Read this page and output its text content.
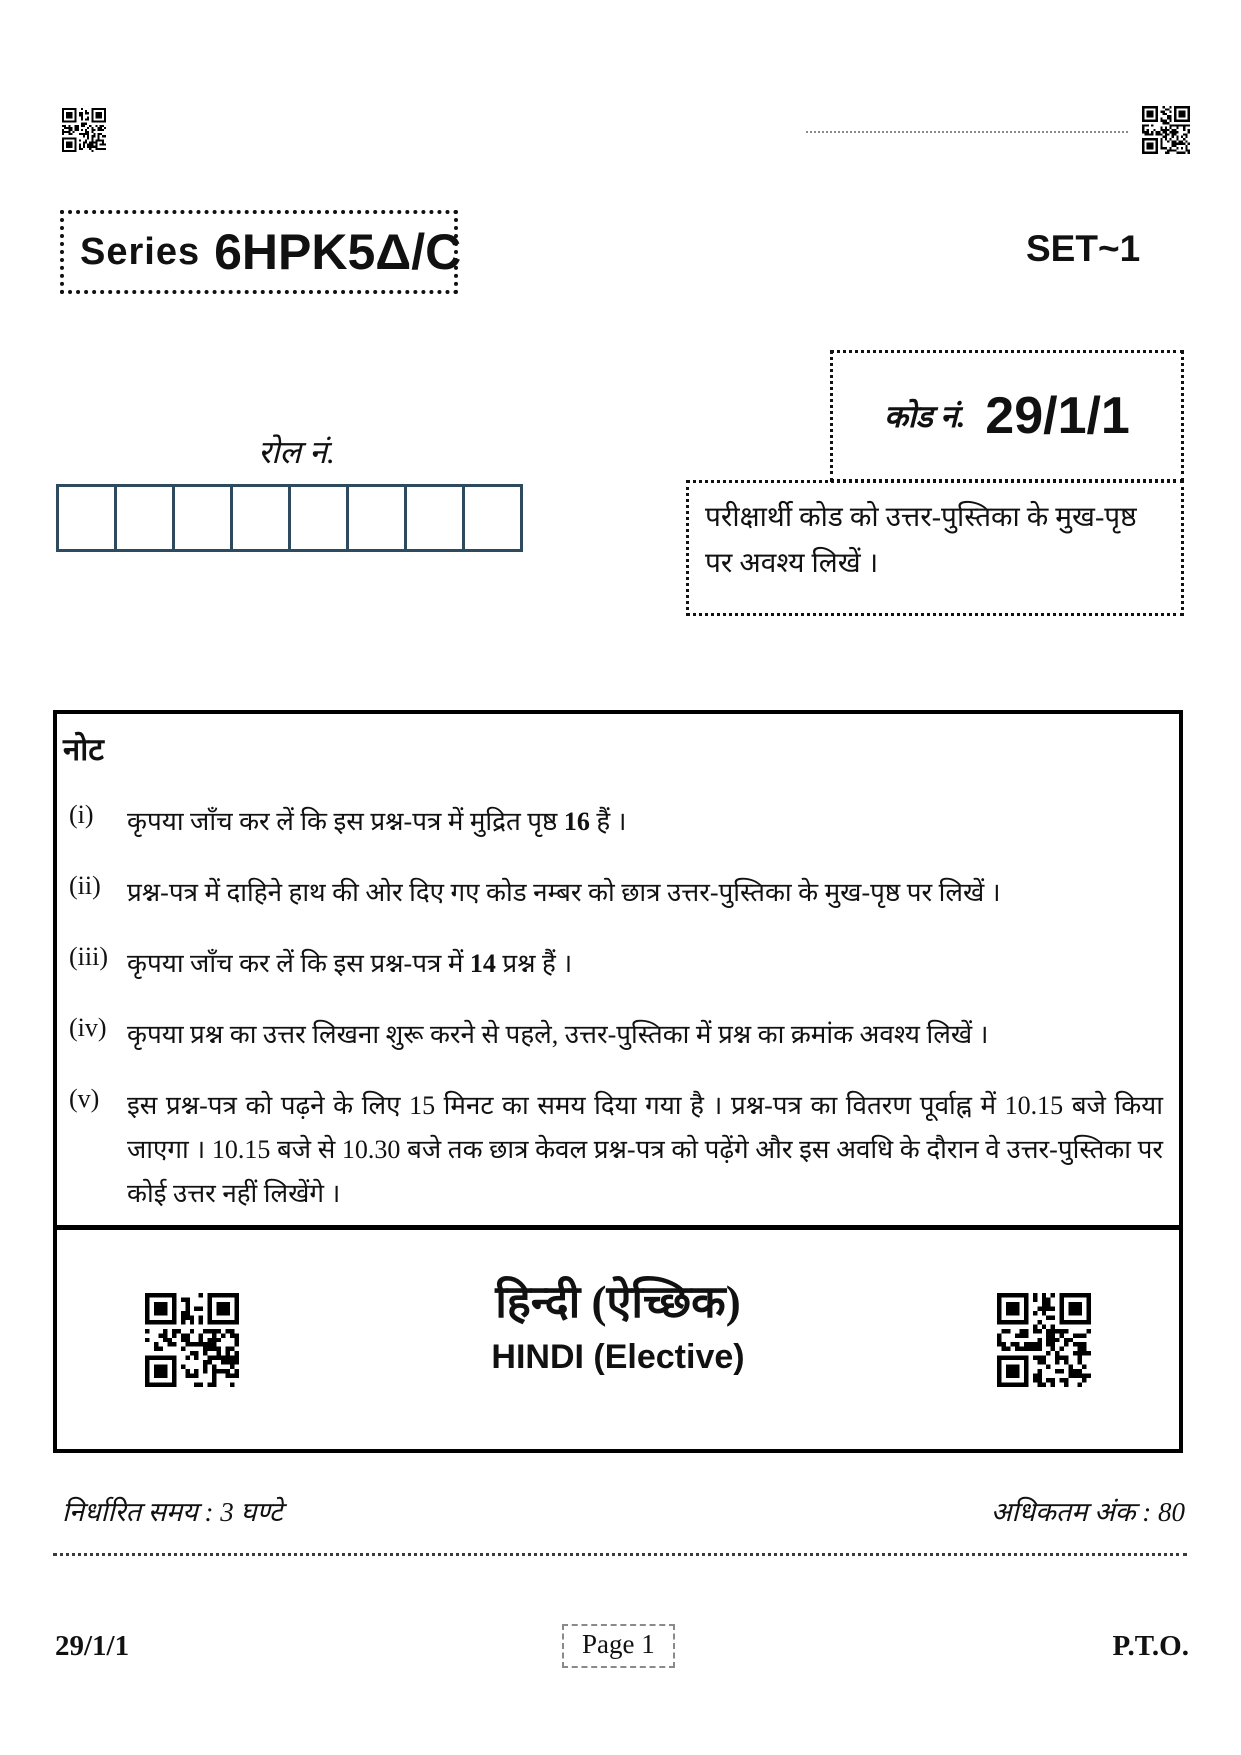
Series 6HPK5Δ/C	SET~1
कोड नं. 29/1/1
रोल नं.
परीक्षार्थी कोड को उत्तर-पुस्तिका के मुख-पृष्ठ पर अवश्य लिखें ।
नोट
(i)	कृपया जाँच कर लें कि इस प्रश्न-पत्र में मुद्रित पृष्ठ 16 हैं ।
(ii)	प्रश्न-पत्र में दाहिने हाथ की ओर दिए गए कोड नम्बर को छात्र उत्तर-पुस्तिका के मुख-पृष्ठ पर लिखें ।
(iii) कृपया जाँच कर लें कि इस प्रश्न-पत्र में 14 प्रश्न हैं ।
(iv) कृपया प्रश्न का उत्तर लिखना शुरू करने से पहले, उत्तर-पुस्तिका में प्रश्न का क्रमांक अवश्य लिखें ।
(v)	इस प्रश्न-पत्र को पढ़ने के लिए 15 मिनट का समय दिया गया है । प्रश्न-पत्र का वितरण पूर्वाह्न में 10.15 बजे किया जाएगा । 10.15 बजे से 10.30 बजे तक छात्र केवल प्रश्न-पत्र को पढ़ेंगे और इस अवधि के दौरान वे उत्तर-पुस्तिका पर कोई उत्तर नहीं लिखेंगे ।
हिन्दी (ऐच्छिक)
HINDI (Elective)
निर्धारित समय : 3 घण्टे	अधिकतम अंक : 80
29/1/1	Page 1	P.T.O.
